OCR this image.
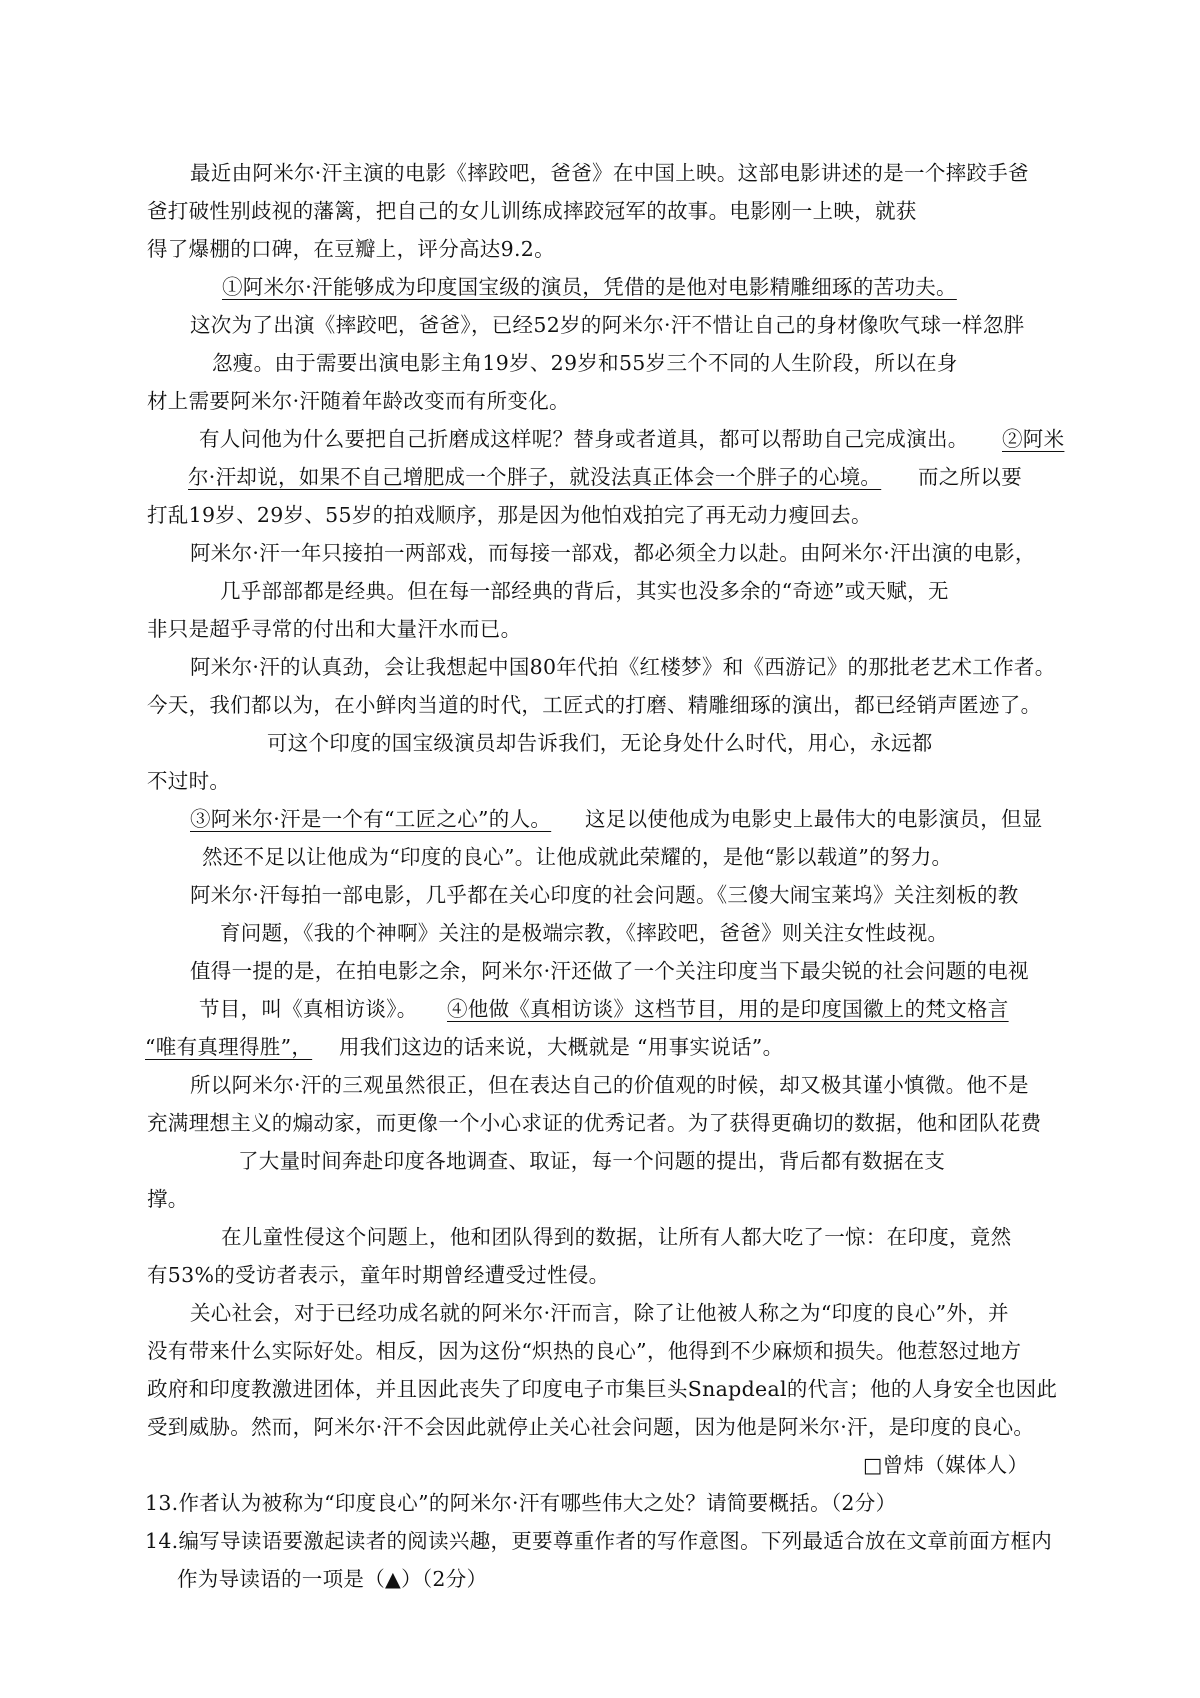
最近由阿米尔·汗主演的电影《摔跤吧，爸爸》在中国上映。这部电影讲述的是一个摔跤手爸
爸打破性别歧视的藩篱，把自己的女儿训练成摔跤冠军的故事。电影刚一上映，就获
得了爆棚的口碑，在豆瓣上，评分高达9.2。
①阿米尔·汗能够成为印度国宝级的演员，凭借的是他对电影精雕细琢的苦功夫。
这次为了出演《摔跤吧，爸爸》，已经52岁的阿米尔·汗不惜让自己的身材像吹气球一样忽胖
忽瘦。由于需要出演电影主角19岁、29岁和55岁三个不同的人生阶段，所以在身
材上需要阿米尔·汗随着年龄改变而有所变化。
有人问他为什么要把自己折磨成这样呢？替身或者道具，都可以帮助自己完成演出。 ②阿米
尔·汗却说，如果不自己增肥成一个胖子，就没法真正体会一个胖子的心境。 而之所以要
打乱19岁、29岁、55岁的拍戏顺序，那是因为他怕戏拍完了再无动力瘦回去。
阿米尔·汗一年只接拍一两部戏，而每接一部戏，都必须全力以赴。由阿米尔·汗出演的电影，
几乎部部都是经典。但在每一部经典的背后，其实也没多余的“奇迹”或天赋，无
非只是超乎寻常的付出和大量汗水而已。
阿米尔·汗的认真劲，会让我想起中国80年代拍《红楼梦》和《西游记》的那批老艺术工作者。
今天，我们都以为，在小鲜肉当道的时代，工匠式的打磨、精雕细琢的演出，都已经销声匿迹了。
可这个印度的国宝级演员却告诉我们，无论身处什么时代，用心，永远都
不过时。
③阿米尔·汗是一个有“工匠之心”的人。 这足以使他成为电影史上最伟大的电影演员，但显
然还不足以让他成为“印度的良心”。让他成就此荣耀的，是他“影以载道”的努力。
阿米尔·汗每拍一部电影，几乎都在关心印度的社会问题。《三傻大闹宝莱坞》关注刻板的教
育问题，《我的个神啊》关注的是极端宗教，《摔跤吧，爸爸》则关注女性歧视。
值得一提的是，在拍电影之余，阿米尔·汗还做了一个关注印度当下最尖锐的社会问题的电视
节目，叫《真相访谈》。 ④他做《真相访谈》这档节目，用的是印度国徽上的梵文格言
“唯有真理得胜”， 用我们这边的话来说，大概就是 “用事实说话”。
所以阿米尔·汗的三观虽然很正，但在表达自己的价值观的时候，却又极其谨小慎微。他不是
充满理想主义的煽动家，而更像一个小心求证的优秀记者。为了获得更确切的数据，他和团队花费
了大量时间奔赴印度各地调查、取证，每一个问题的提出，背后都有数据在支
撑。
在儿童性侵这个问题上，他和团队得到的数据，让所有人都大吃了一惊：在印度，竟然
有53%的受访者表示，童年时期曾经遭受过性侵。
关心社会，对于已经功成名就的阿米尔·汗而言，除了让他被人称之为“印度的良心”外，并
没有带来什么实际好处。相反，因为这份“炽热的良心”，他得到不少麻烦和损失。他惹怒过地方
政府和印度教激进团体，并且因此丧失了印度电子市集巨头Snapdeal的代言；他的人身安全也因此
受到威胁。然而，阿米尔·汗不会因此就停止关心社会问题，因为他是阿米尔·汗，是印度的良心。
□曾炜（媒体人）
13.作者认为被称为“印度良心”的阿米尔·汗有哪些伟大之处？请简要概括。（2分）
14.编写导读语要激起读者的阅读兴趣，更要尊重作者的写作意图。下列最适合放在文章前面方框内
作为导读语的一项是（▲）（2分）
